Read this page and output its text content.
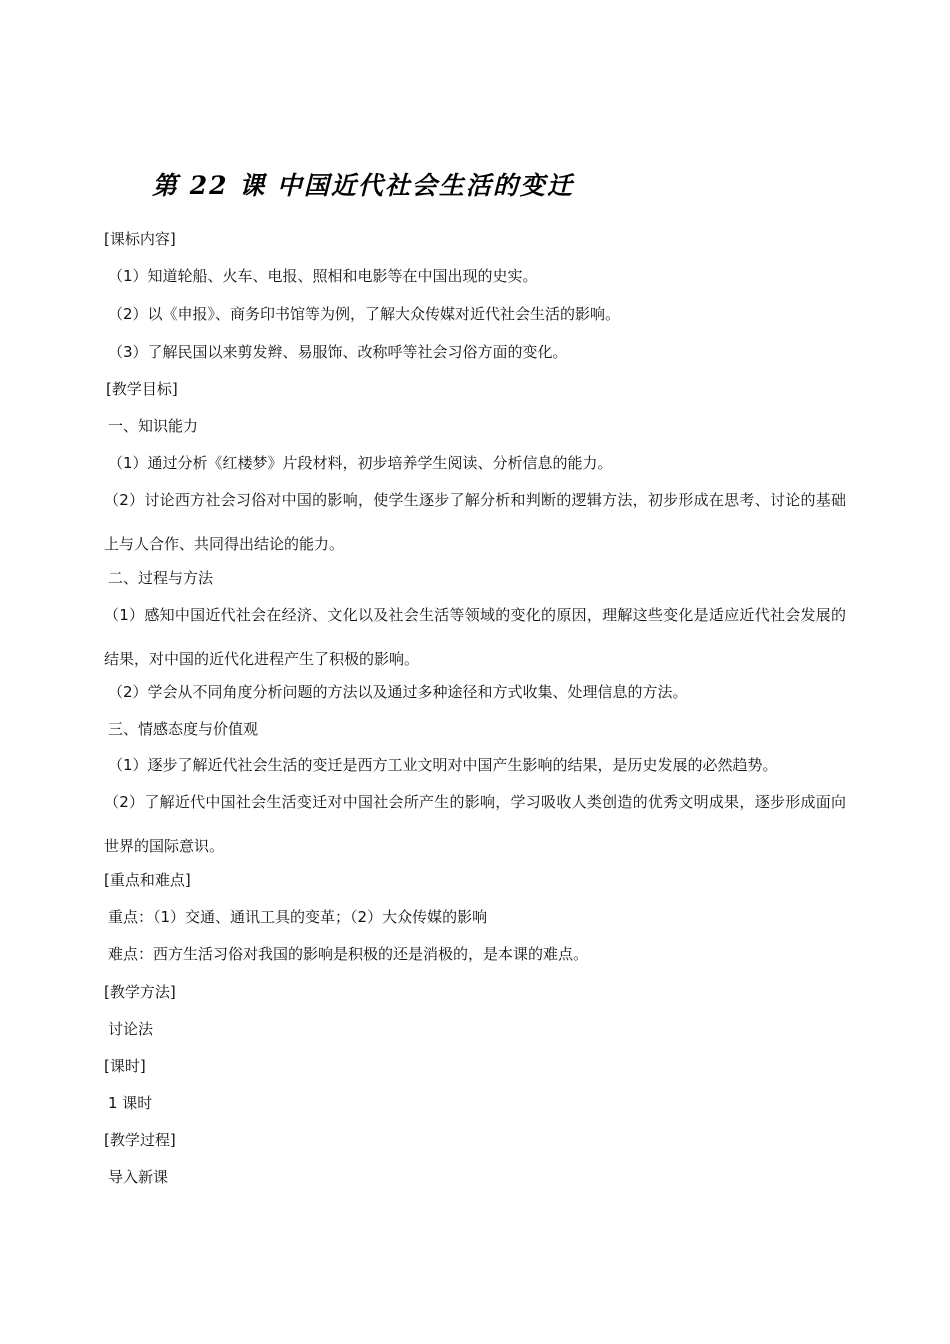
第 22 课 中国近代社会生活的变迁
[课标内容]
（1）知道轮船、火车、电报、照相和电影等在中国出现的史实。
（2）以《申报》、商务印书馆等为例，了解大众传媒对近代社会生活的影响。
（3）了解民国以来剪发辫、易服饰、改称呼等社会习俗方面的变化。
[教学目标]
一、知识能力
（1）通过分析《红楼梦》片段材料，初步培养学生阅读、分析信息的能力。
（2）讨论西方社会习俗对中国的影响，使学生逐步了解分析和判断的逻辑方法，初步形成在思考、讨论的基础上与人合作、共同得出结论的能力。
二、过程与方法
（1）感知中国近代社会在经济、文化以及社会生活等领域的变化的原因，理解这些变化是适应近代社会发展的结果，对中国的近代化进程产生了积极的影响。
（2）学会从不同角度分析问题的方法以及通过多种途径和方式收集、处理信息的方法。
三、情感态度与价值观
（1）逐步了解近代社会生活的变迁是西方工业文明对中国产生影响的结果，是历史发展的必然趋势。
（2）了解近代中国社会生活变迁对中国社会所产生的影响，学习吸收人类创造的优秀文明成果，逐步形成面向世界的国际意识。
[重点和难点]
重点：（1）交通、通讯工具的变革；（2）大众传媒的影响
难点：西方生活习俗对我国的影响是积极的还是消极的，是本课的难点。
[教学方法]
讨论法
[课时]
1 课时
[教学过程]
导入新课
